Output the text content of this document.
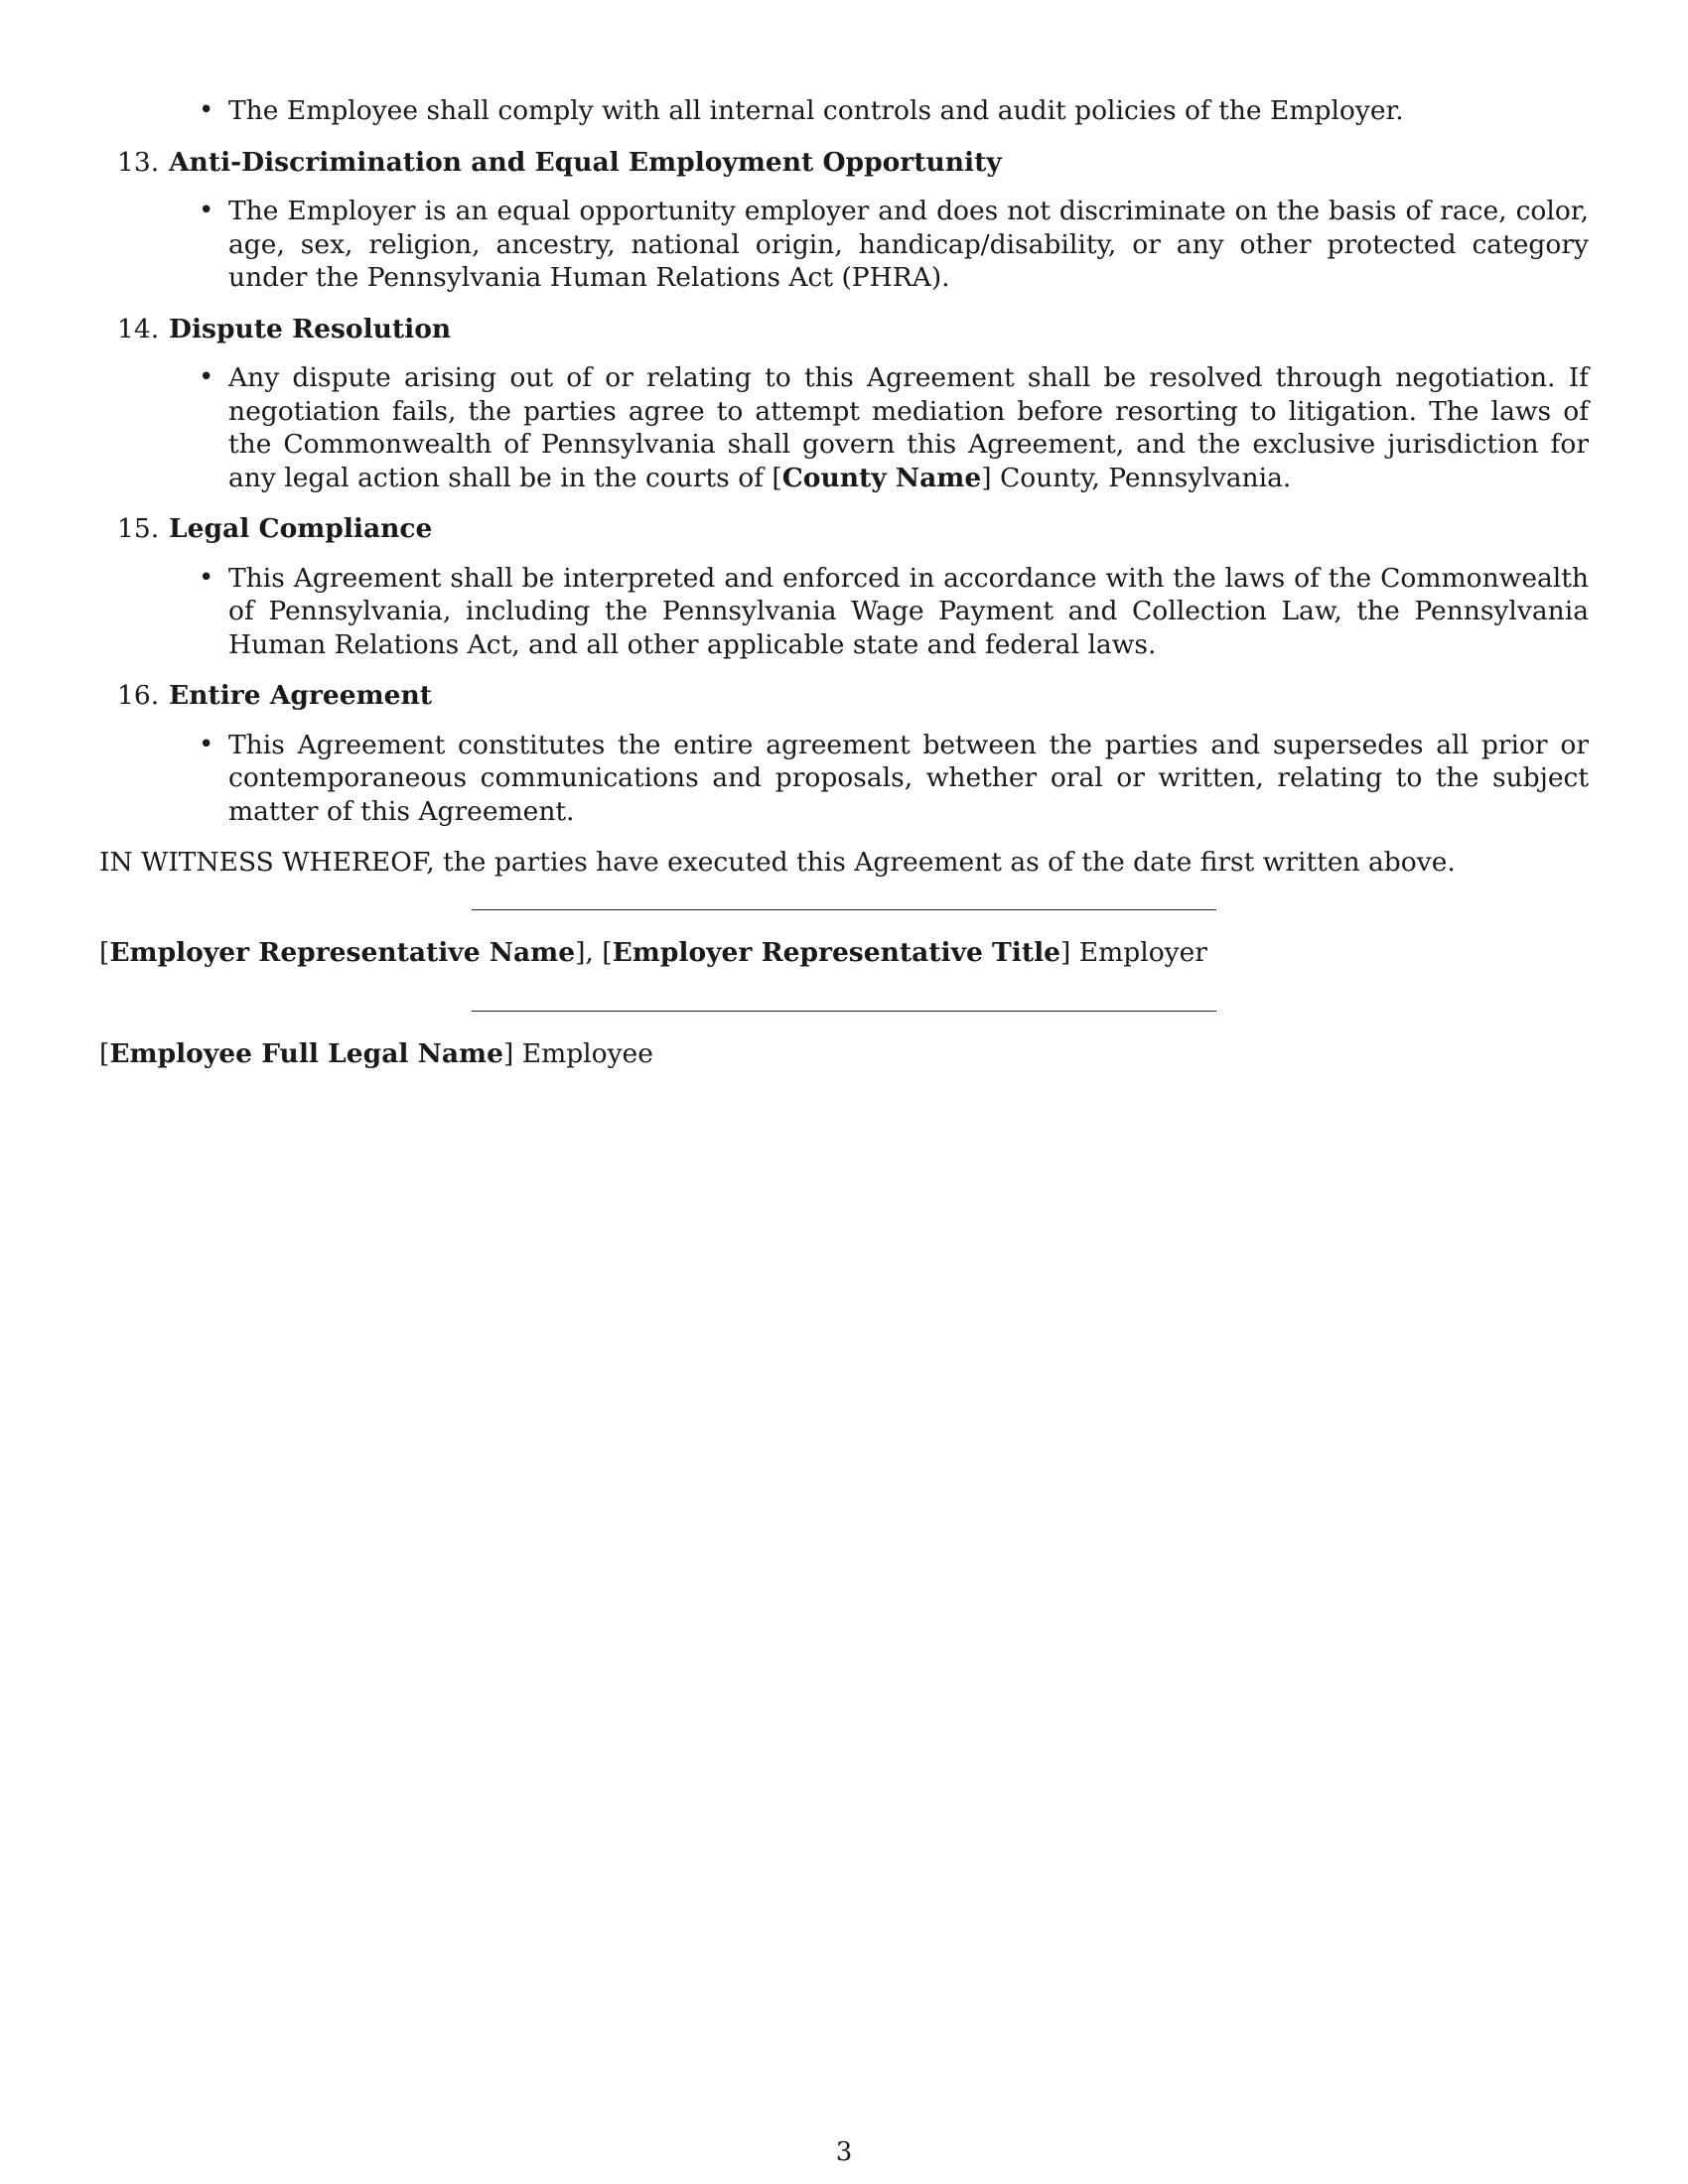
• The Employee shall comply with all internal controls and audit policies of the Employer.
13. Anti-Discrimination and Equal Employment Opportunity
• The Employer is an equal opportunity employer and does not discriminate on the basis of race, color, age, sex, religion, ancestry, national origin, handicap/disability, or any other protected category under the Pennsylvania Human Relations Act (PHRA).
14. Dispute Resolution
• Any dispute arising out of or relating to this Agreement shall be resolved through negotiation. If negotiation fails, the parties agree to attempt mediation before resorting to litigation. The laws of the Commonwealth of Pennsylvania shall govern this Agreement, and the exclusive jurisdiction for any legal action shall be in the courts of [County Name] County, Pennsylvania.
15. Legal Compliance
• This Agreement shall be interpreted and enforced in accordance with the laws of the Commonwealth of Pennsylvania, including the Pennsylvania Wage Payment and Collection Law, the Pennsylvania Human Relations Act, and all other applicable state and federal laws.
16. Entire Agreement
• This Agreement constitutes the entire agreement between the parties and supersedes all prior or contemporaneous communications and proposals, whether oral or written, relating to the subject matter of this Agreement.
IN WITNESS WHEREOF, the parties have executed this Agreement as of the date first written above.
[Employer Representative Name], [Employer Representative Title] Employer
[Employee Full Legal Name] Employee
3
